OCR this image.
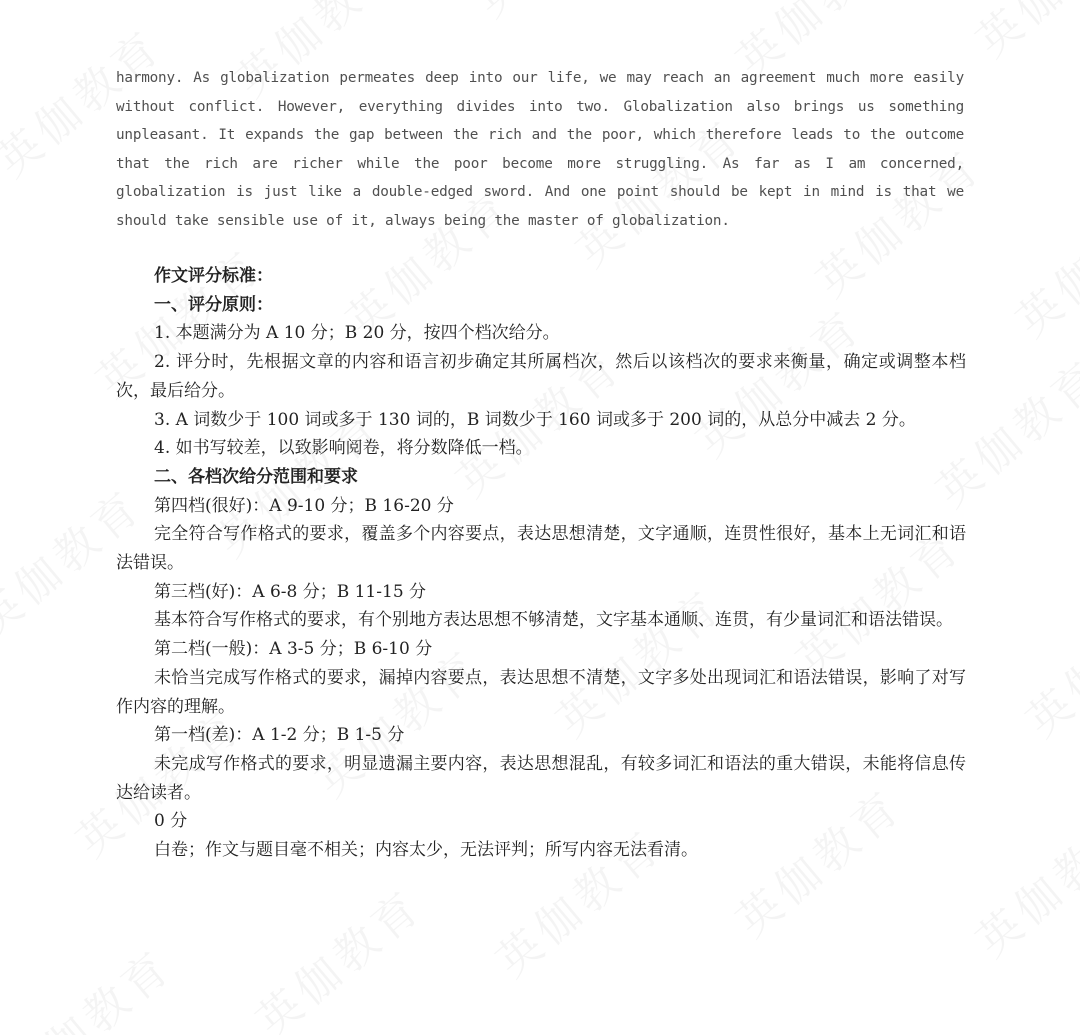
harmony. As globalization permeates deep into our life, we may reach an agreement much more easily without conflict. However, everything divides into two. Globalization also brings us something unpleasant. It expands the gap between the rich and the poor, which therefore leads to the outcome that the rich are richer while the poor become more struggling. As far as I am concerned, globalization is just like a double-edged sword. And one point should be kept in mind is that we should take sensible use of it, always being the master of globalization.
作文评分标准：
一、评分原则：
1. 本题满分为 A 10 分；B 20 分，按四个档次给分。
2. 评分时，先根据文章的内容和语言初步确定其所属档次，然后以该档次的要求来衡量，确定或调整本档次，最后给分。
3. A 词数少于 100 词或多于 130 词的，B 词数少于 160 词或多于 200 词的，从总分中减去 2 分。
4. 如书写较差，以致影响阅卷，将分数降低一档。
二、各档次给分范围和要求
第四档(很好)：A 9-10 分；B 16-20 分
完全符合写作格式的要求，覆盖多个内容要点，表达思想清楚，文字通顺，连贯性很好，基本上无词汇和语法错误。
第三档(好)：A 6-8 分；B 11-15 分
基本符合写作格式的要求，有个别地方表达思想不够清楚，文字基本通顺、连贯，有少量词汇和语法错误。
第二档(一般)：A 3-5 分；B 6-10 分
未恰当完成写作格式的要求，漏掉内容要点，表达思想不清楚，文字多处出现词汇和语法错误，影响了对写作内容的理解。
第一档(差)：A 1-2 分；B 1-5 分
未完成写作格式的要求，明显遗漏主要内容，表达思想混乱，有较多词汇和语法的重大错误，未能将信息传达给读者。
0 分
白卷；作文与题目毫不相关；内容太少，无法评判；所写内容无法看清。
